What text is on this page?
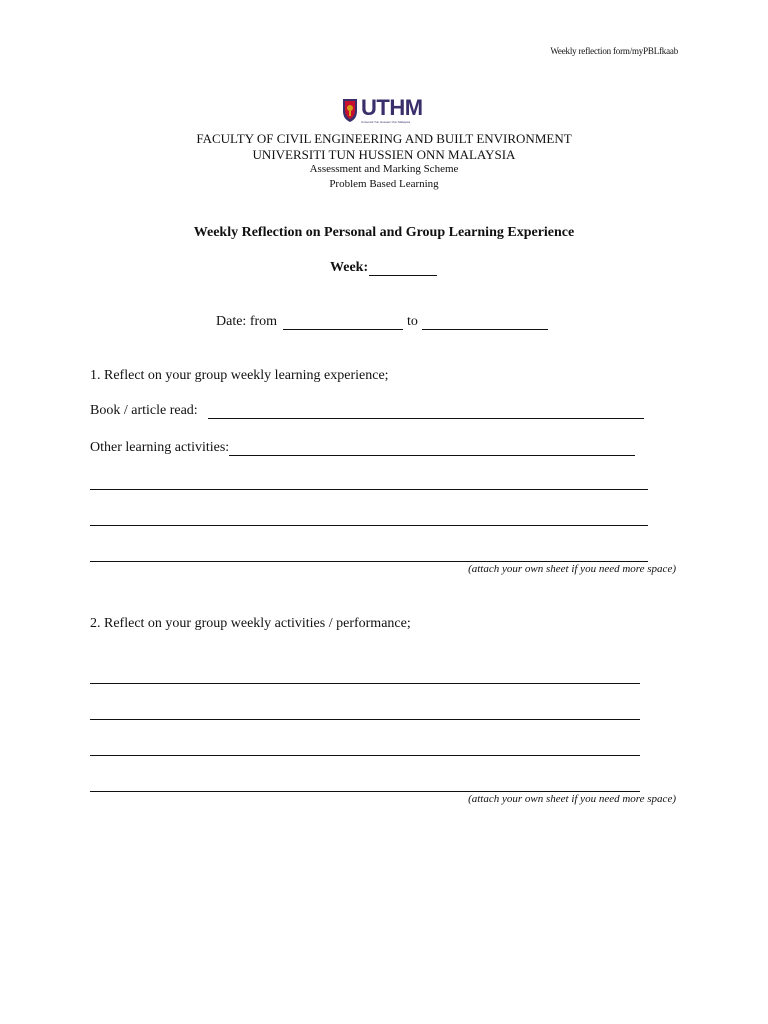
Weekly reflection form/myPBLfkaab
UTHM
Universiti Tun Hussein Onn Malaysia
FACULTY OF CIVIL ENGINEERING AND BUILT ENVIRONMENT
UNIVERSITI TUN HUSSIEN ONN MALAYSIA
Assessment and Marking Scheme
Problem Based Learning
Weekly Reflection on Personal and Group Learning Experience
Week:
Date: from	to
1. Reflect on your group weekly learning experience;
Book / article read:
Other learning activities:
(attach your own sheet if you need more space)
2. Reflect on your group weekly activities / performance;
(attach your own sheet if you need more space)
